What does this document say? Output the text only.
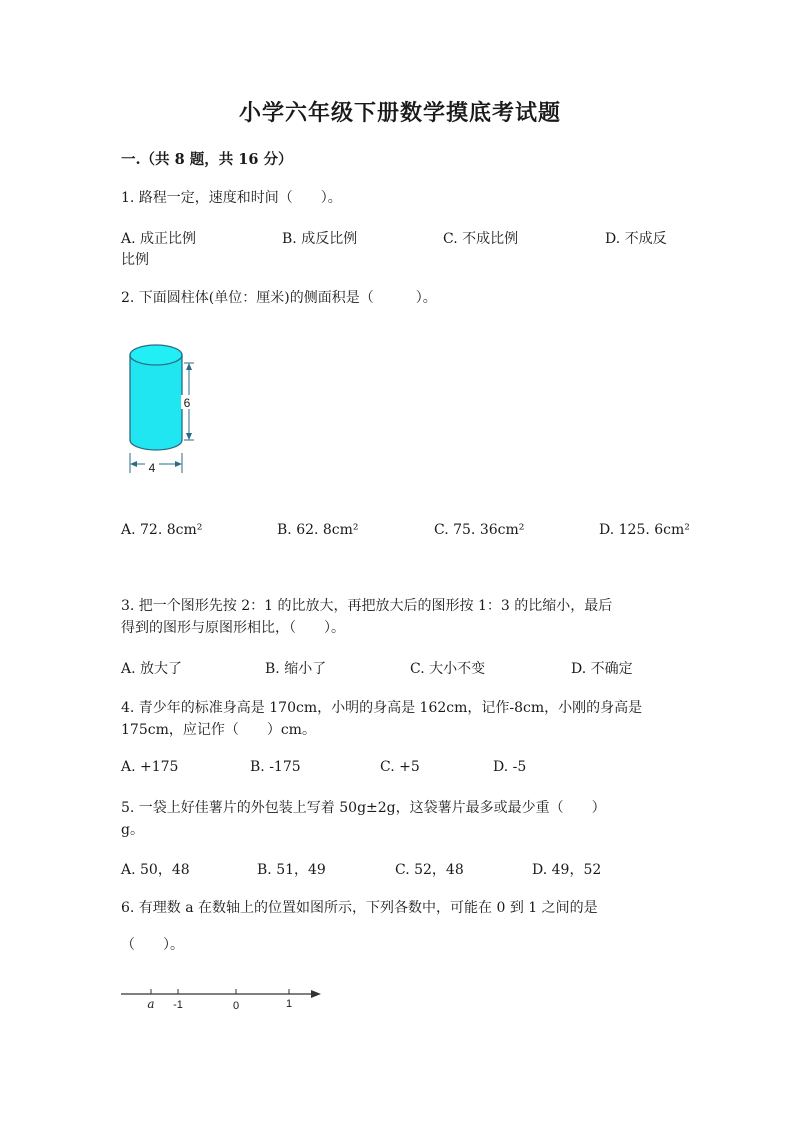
小学六年级下册数学摸底考试题
一.（共 8 题，共 16 分）
1. 路程一定，速度和时间（　　）。
A. 成正比例	B. 成反比例	C. 不成比例	D. 不成反
比例
2. 下面圆柱体(单位：厘米)的侧面积是（　　　）。
6
4
A. 72. 8cm²	B. 62. 8cm²	C. 75. 36cm²	D. 125. 6cm²
3. 把一个图形先按 2：1 的比放大，再把放大后的图形按 1：3 的比缩小，最后
得到的图形与原图形相比，（　　）。
A. 放大了	B. 缩小了	C. 大小不变	D. 不确定
4. 青少年的标准身高是 170cm，小明的身高是 162cm，记作-8cm，小刚的身高是
175cm，应记作（　　）cm。
A. +175	B. -175	C. +5	D. -5
5. 一袋上好佳薯片的外包装上写着 50g±2g，这袋薯片最多或最少重（　　）
g。
A. 50，48	B. 51，49	C. 52，48	D. 49，52
6. 有理数 a 在数轴上的位置如图所示，下列各数中，可能在 0 到 1 之间的是
（　　）。
a -1	0	1
